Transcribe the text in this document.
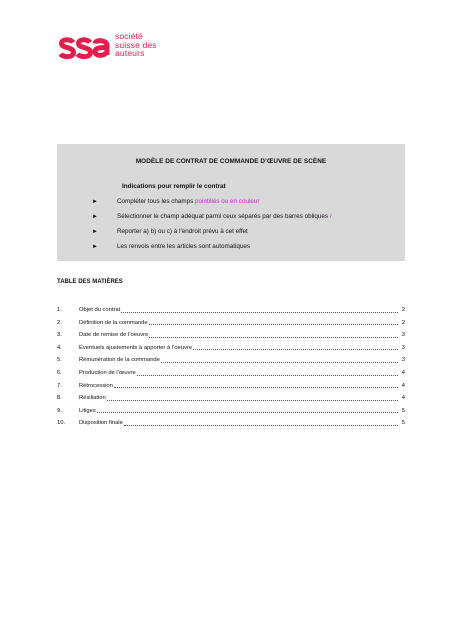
société
suisse des
auteurs
MODÈLE DE CONTRAT DE COMMANDE D’ŒUVRE DE SCÈNE
Indications pour remplir le contrat
►	Compléter tous les champs pointillés ou en couleur
►	Sélectionner le champ adéquat parmi ceux séparés par des barres obliques /
►	Reporter a) b) ou c) à l’endroit prévu à cet effet
►	Les renvois entre les articles sont automatiques
TABLE DES MATIÈRES
1.	Objet du contrat	2
2.	Définition de la commande	2
3.	Date de remise de l’oeuvre	3
4.	Éventuels ajustements à apporter à l’oeuvre	3
5.	Rémunération de la commande	3
6.	Production de l’œuvre	4
7.	Rétrocession	4
8.	Résiliation	4
9.	Litiges	5
10.	Disposition finale	5
